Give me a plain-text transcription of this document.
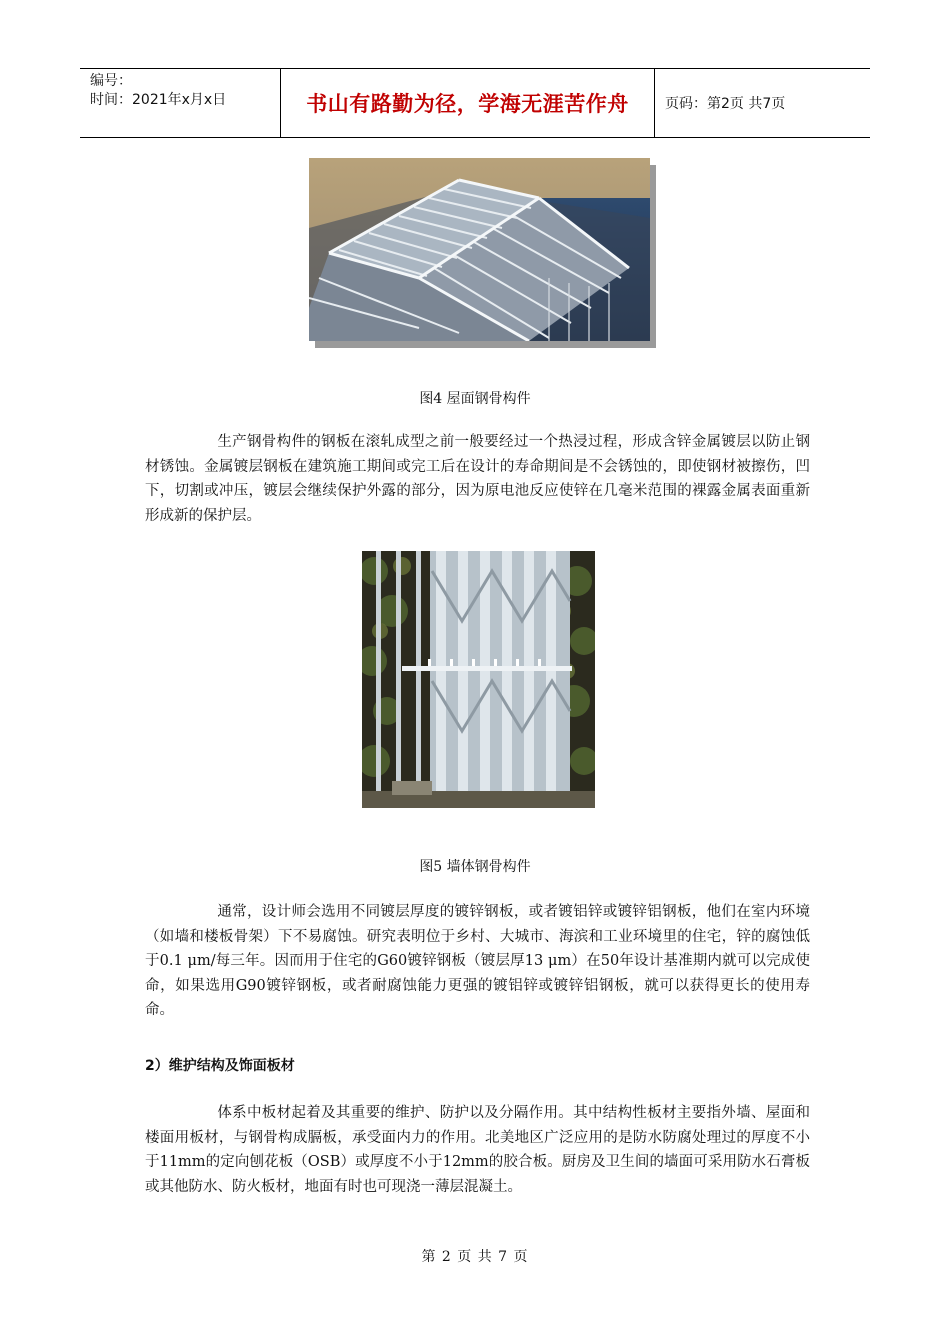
编号：
时间：2021年x月x日	书山有路勤为径，学海无涯苦作舟	页码：第2页 共7页
图4 屋面钢骨构件
生产钢骨构件的钢板在滚轧成型之前一般要经过一个热浸过程，形成含锌金属镀层以防止钢材锈蚀。金属镀层钢板在建筑施工期间或完工后在设计的寿命期间是不会锈蚀的，即使钢材被擦伤，凹下，切割或冲压，镀层会继续保护外露的部分，因为原电池反应使锌在几毫米范围的裸露金属表面重新形成新的保护层。
图5 墙体钢骨构件
通常，设计师会选用不同镀层厚度的镀锌钢板，或者镀铝锌或镀锌铝钢板，他们在室内环境（如墙和楼板骨架）下不易腐蚀。研究表明位于乡村、大城市、海滨和工业环境里的住宅，锌的腐蚀低于0.1 μm/每三年。因而用于住宅的G60镀锌钢板（镀层厚13 μm）在50年设计基准期内就可以完成使命，如果选用G90镀锌钢板，或者耐腐蚀能力更强的镀铝锌或镀锌铝钢板，就可以获得更长的使用寿命。
2）维护结构及饰面板材
体系中板材起着及其重要的维护、防护以及分隔作用。其中结构性板材主要指外墙、屋面和楼面用板材，与钢骨构成膈板，承受面内力的作用。北美地区广泛应用的是防水防腐处理过的厚度不小于11mm的定向刨花板（OSB）或厚度不小于12mm的胶合板。厨房及卫生间的墙面可采用防水石膏板或其他防水、防火板材，地面有时也可现浇一薄层混凝土。
第 2 页 共 7 页
